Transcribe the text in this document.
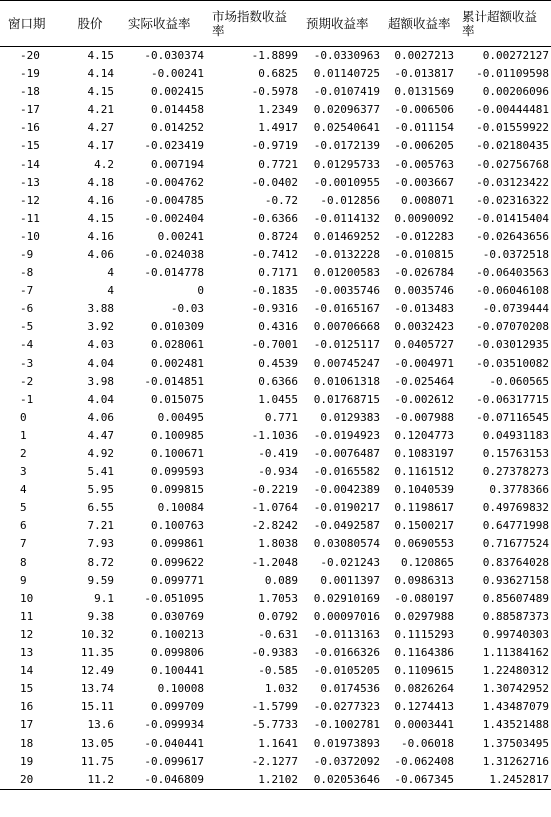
窗口期	股价	实际收益率	市场指数收益率	预期收益率	超额收益率	累计超额收益率
-20	4.15	-0.030374	-1.8899	-0.0330963	0.0027213	0.00272127
-19	4.14	-0.00241	0.6825	0.01140725	-0.013817	-0.01109598
-18	4.15	0.002415	-0.5978	-0.0107419	0.0131569	0.00206096
-17	4.21	0.014458	1.2349	0.02096377	-0.006506	-0.00444481
-16	4.27	0.014252	1.4917	0.02540641	-0.011154	-0.01559922
-15	4.17	-0.023419	-0.9719	-0.0172139	-0.006205	-0.02180435
-14	4.2	0.007194	0.7721	0.01295733	-0.005763	-0.02756768
-13	4.18	-0.004762	-0.0402	-0.0010955	-0.003667	-0.03123422
-12	4.16	-0.004785	-0.72	-0.012856	0.008071	-0.02316322
-11	4.15	-0.002404	-0.6366	-0.0114132	0.0090092	-0.01415404
-10	4.16	0.00241	0.8724	0.01469252	-0.012283	-0.02643656
-9	4.06	-0.024038	-0.7412	-0.0132228	-0.010815	-0.0372518
-8	4	-0.014778	0.7171	0.01200583	-0.026784	-0.06403563
-7	4	0	-0.1835	-0.0035746	0.0035746	-0.06046108
-6	3.88	-0.03	-0.9316	-0.0165167	-0.013483	-0.0739444
-5	3.92	0.010309	0.4316	0.00706668	0.0032423	-0.07070208
-4	4.03	0.028061	-0.7001	-0.0125117	0.0405727	-0.03012935
-3	4.04	0.002481	0.4539	0.00745247	-0.004971	-0.03510082
-2	3.98	-0.014851	0.6366	0.01061318	-0.025464	-0.060565
-1	4.04	0.015075	1.0455	0.01768715	-0.002612	-0.06317715
0	4.06	0.00495	0.771	0.0129383	-0.007988	-0.07116545
1	4.47	0.100985	-1.1036	-0.0194923	0.1204773	0.04931183
2	4.92	0.100671	-0.419	-0.0076487	0.1083197	0.15763153
3	5.41	0.099593	-0.934	-0.0165582	0.1161512	0.27378273
4	5.95	0.099815	-0.2219	-0.0042389	0.1040539	0.3778366
5	6.55	0.10084	-1.0764	-0.0190217	0.1198617	0.49769832
6	7.21	0.100763	-2.8242	-0.0492587	0.1500217	0.64771998
7	7.93	0.099861	1.8038	0.03080574	0.0690553	0.71677524
8	8.72	0.099622	-1.2048	-0.021243	0.120865	0.83764028
9	9.59	0.099771	0.089	0.0011397	0.0986313	0.93627158
10	9.1	-0.051095	1.7053	0.02910169	-0.080197	0.85607489
11	9.38	0.030769	0.0792	0.00097016	0.0297988	0.88587373
12	10.32	0.100213	-0.631	-0.0113163	0.1115293	0.99740303
13	11.35	0.099806	-0.9383	-0.0166326	0.1164386	1.11384162
14	12.49	0.100441	-0.585	-0.0105205	0.1109615	1.22480312
15	13.74	0.10008	1.032	0.0174536	0.0826264	1.30742952
16	15.11	0.099709	-1.5799	-0.0277323	0.1274413	1.43487079
17	13.6	-0.099934	-5.7733	-0.1002781	0.0003441	1.43521488
18	13.05	-0.040441	1.1641	0.01973893	-0.06018	1.37503495
19	11.75	-0.099617	-2.1277	-0.0372092	-0.062408	1.31262716
20	11.2	-0.046809	1.2102	0.02053646	-0.067345	1.2452817
